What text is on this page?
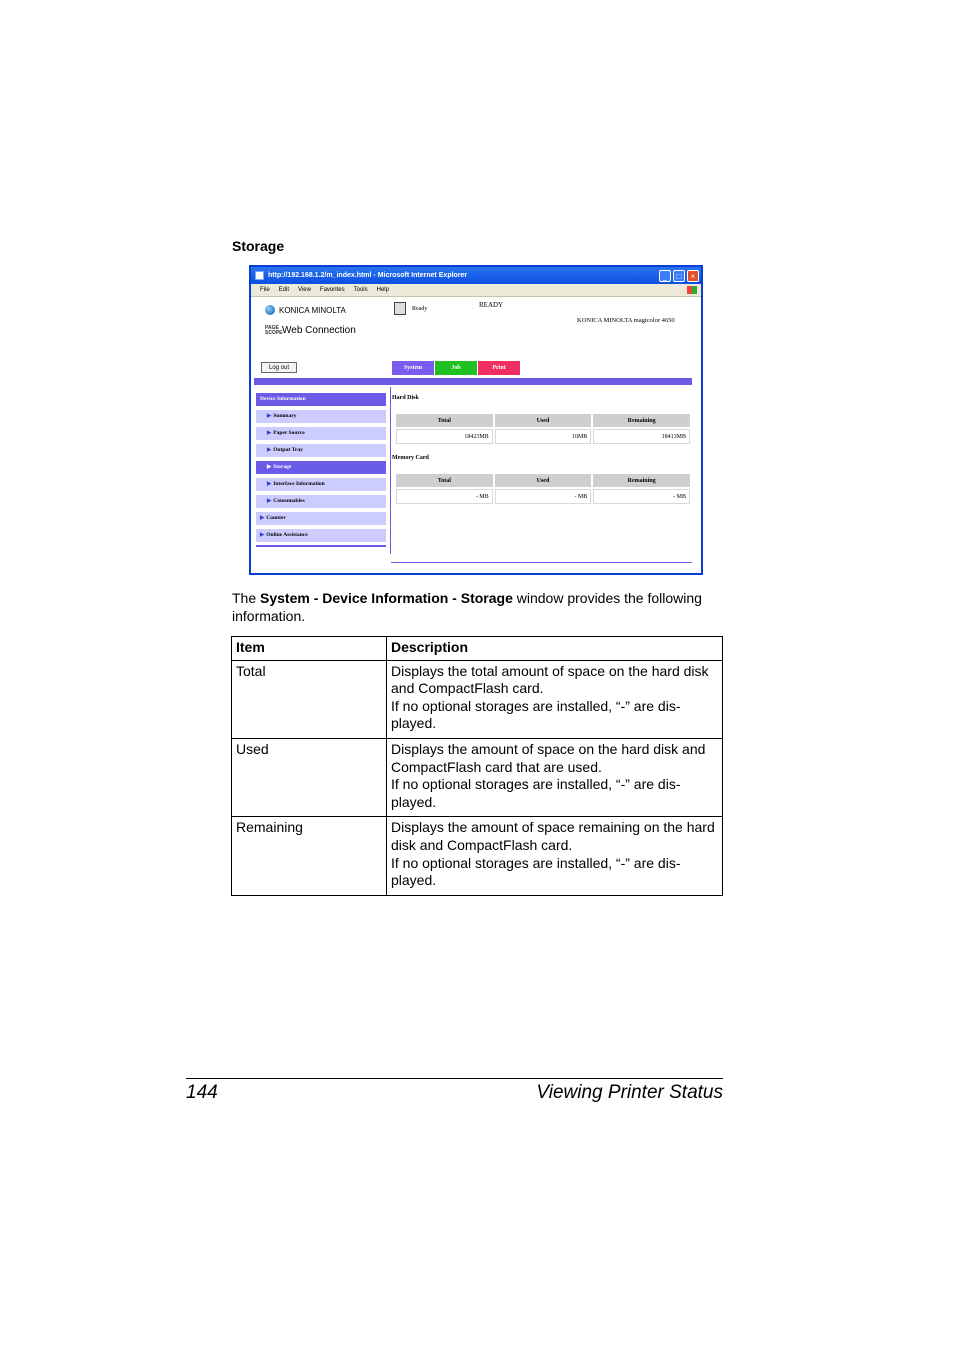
Storage
http://192.168.1.2/m_index.html - Microsoft Internet Explorer	_	□	×
File Edit View Favorites Tools Help
KONICA MINOLTA
PAGE SCOPE Web Connection
Ready	READY
KONICA MINOLTA magicolor 4650
Log out	System	Job	Print
Device Information
▶ Summary
▶ Paper Source
▶ Output Tray
▶ Storage
▶ Interface Information
▶ Consumables
▶ Counter
▶ Online Assistance
Hard Disk
Total	Used	Remaining
18423MB	10MB	18413MB
Memory Card
Total	Used	Remaining
- MB	- MB	- MB
The System - Device Information - Storage window provides the following information.
Item	Description
Total	Displays the total amount of space on the hard disk and CompactFlash card.
If no optional storages are installed, “-” are dis-played.

Used	Displays the amount of space on the hard disk and CompactFlash card that are used.
If no optional storages are installed, “-” are dis-played.

Remaining	Displays the amount of space remaining on the hard disk and CompactFlash card.
If no optional storages are installed, “-” are dis-played.
144	Viewing Printer Status
